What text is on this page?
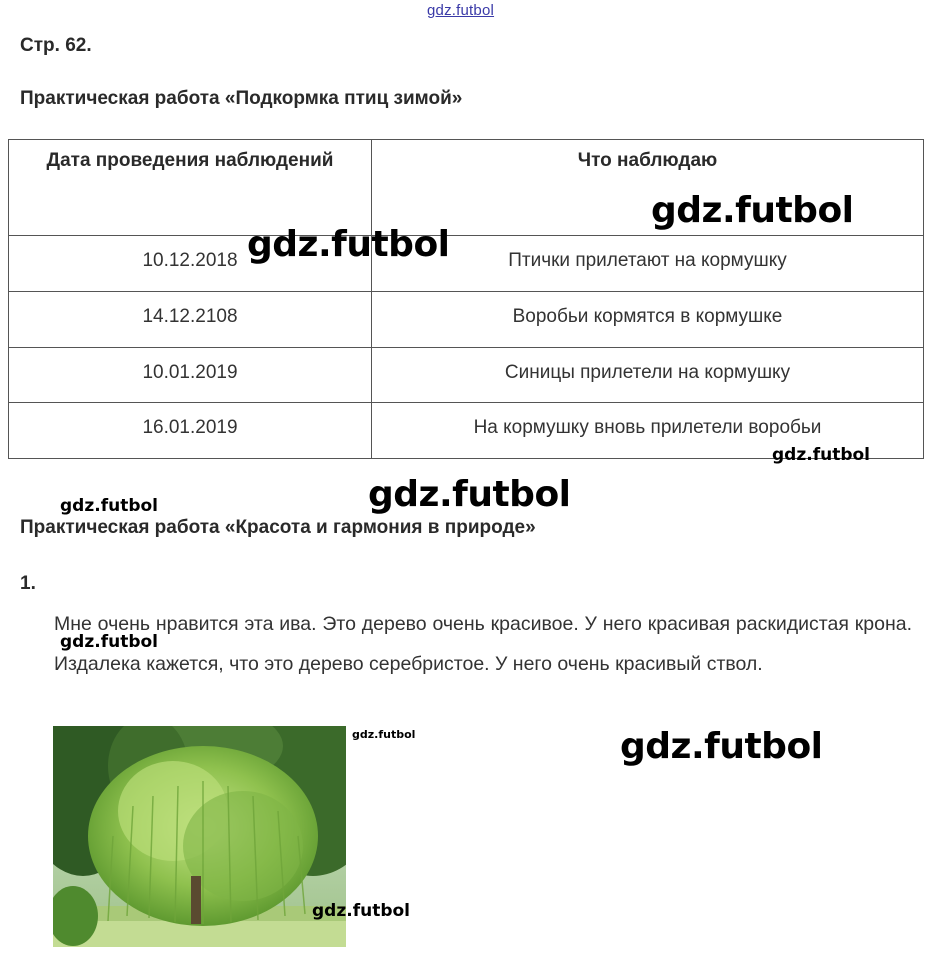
gdz.futbol
Стр. 62.
Практическая работа «Подкормка птиц зимой»
Дата проведения наблюдений	Что наблюдаю
10.12.2018	Птички прилетают на кормушку
14.12.2108	Воробьи кормятся в кормушке
10.01.2019	Синицы прилетели на кормушку
16.01.2019	На кормушку вновь прилетели воробьи
Практическая работа «Красота и гармония в природе»
1.
Мне очень нравится эта ива. Это дерево очень красивое. У него красивая раскидистая крона. Издалека кажется, что это дерево серебристое. У него очень красивый ствол.
gdz.futbol
gdz.futbol
gdz.futbol
gdz.futbol
gdz.futbol
gdz.futbol
gdz.futbol	gdz.futbol
gdz.futbol
